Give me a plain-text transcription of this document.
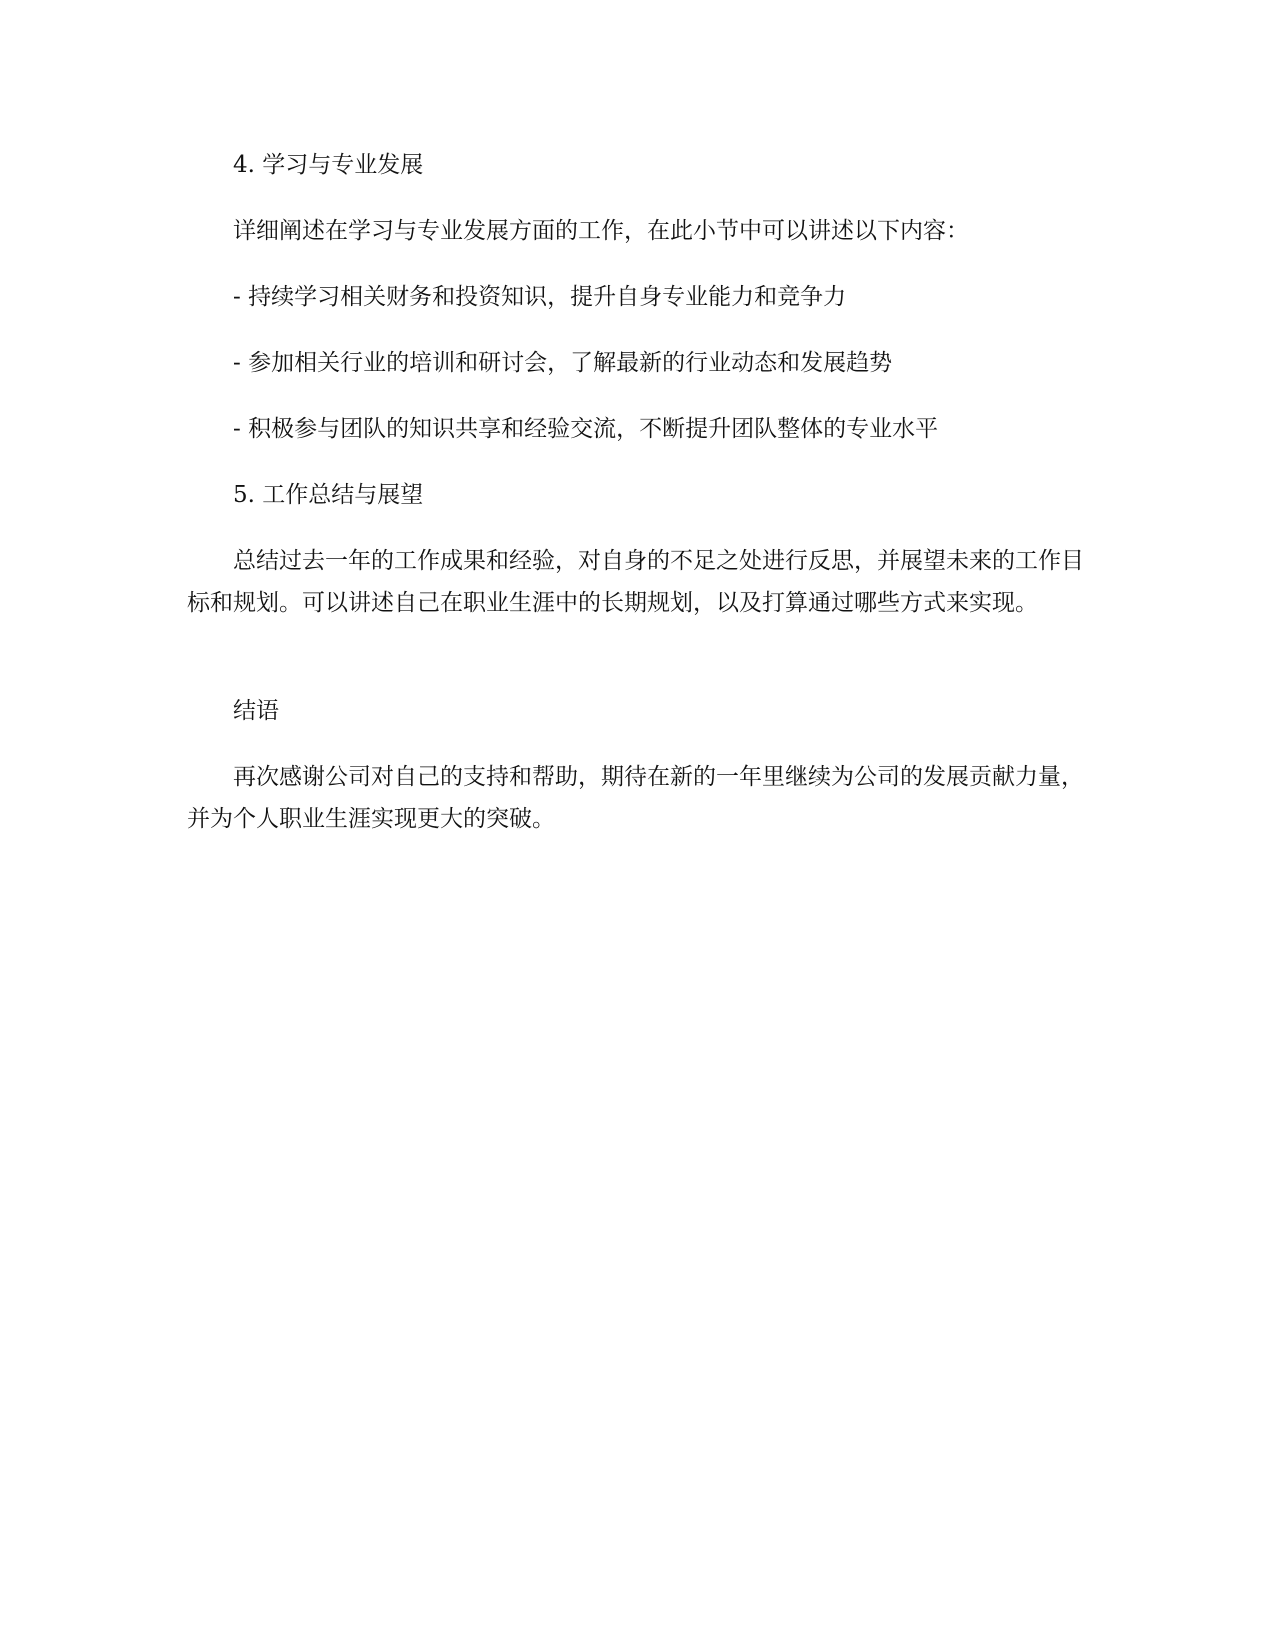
4. 学习与专业发展

详细阐述在学习与专业发展方面的工作，在此小节中可以讲述以下内容：

- 持续学习相关财务和投资知识，提升自身专业能力和竞争力

- 参加相关行业的培训和研讨会，了解最新的行业动态和发展趋势

- 积极参与团队的知识共享和经验交流，不断提升团队整体的专业水平

5. 工作总结与展望

总结过去一年的工作成果和经验，对自身的不足之处进行反思，并展望未来的工作目标和规划。可以讲述自己在职业生涯中的长期规划，以及打算通过哪些方式来实现。

结语

再次感谢公司对自己的支持和帮助，期待在新的一年里继续为公司的发展贡献力量，并为个人职业生涯实现更大的突破。
